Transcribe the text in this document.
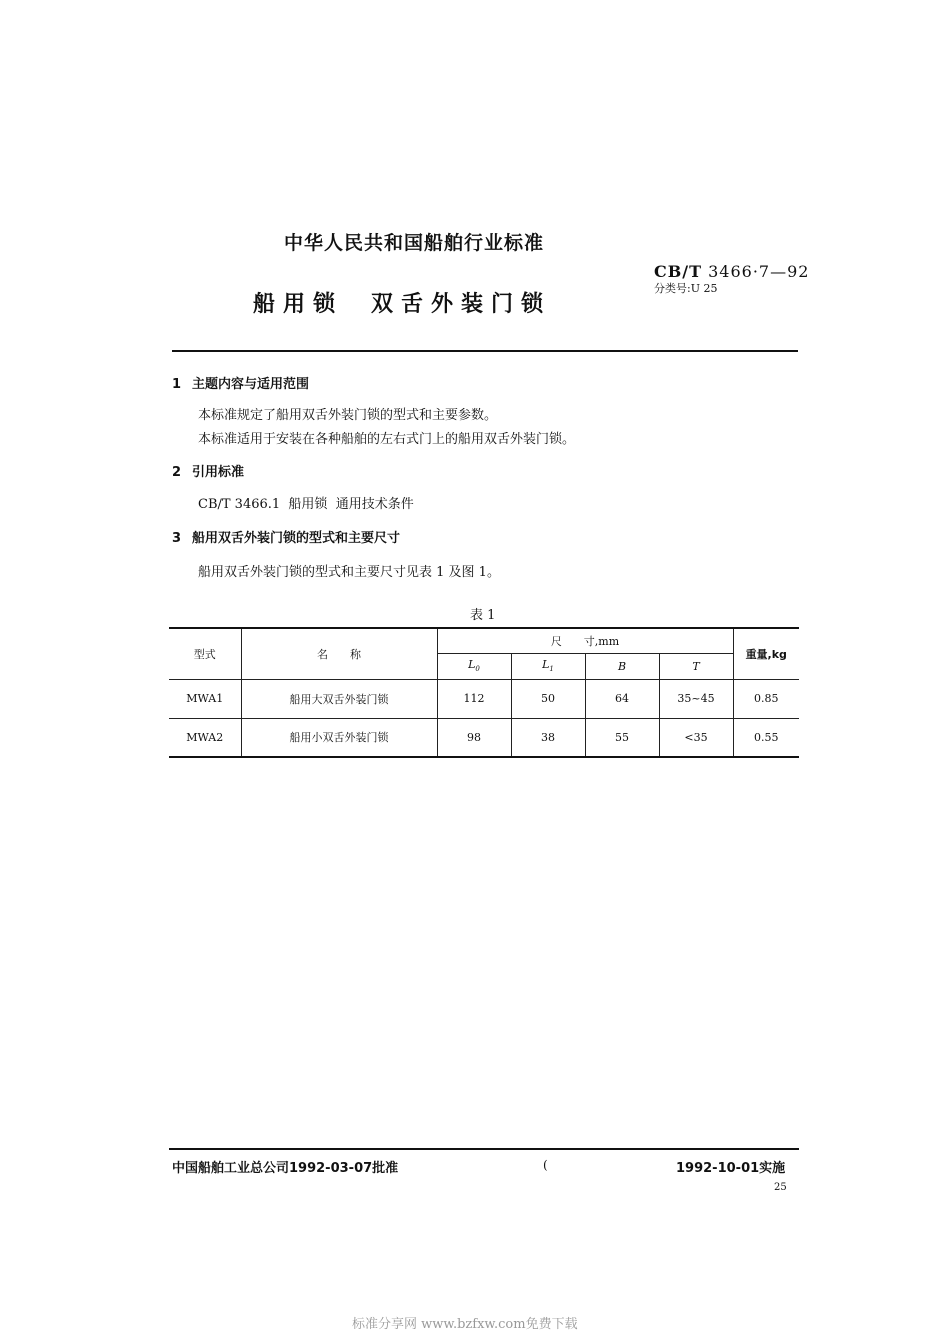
中华人民共和国船舶行业标准
CB/T 3466·7—92
分类号:U 25
船用锁 双舌外装门锁
1 主题内容与适用范围
本标准规定了船用双舌外装门锁的型式和主要参数。
本标准适用于安装在各种船舶的左右式门上的船用双舌外装门锁。
2 引用标准
CB/T 3466.1  船用锁  通用技术条件
3 船用双舌外装门锁的型式和主要尺寸
船用双舌外装门锁的型式和主要尺寸见表 1 及图 1。
表 1
型式	名　　称	尺　　寸,mm				重量,kg
		$L_0$	$L_1$	B	T	
MWA1	船用大双舌外装门锁	112	50	64	35~45	0.85
MWA2	船用小双舌外装门锁	98	38	55	<35	0.55
中国船舶工业总公司1992-03-07批准	(	1992-10-01实施
25
标准分享网 www.bzfxw.com免费下载
